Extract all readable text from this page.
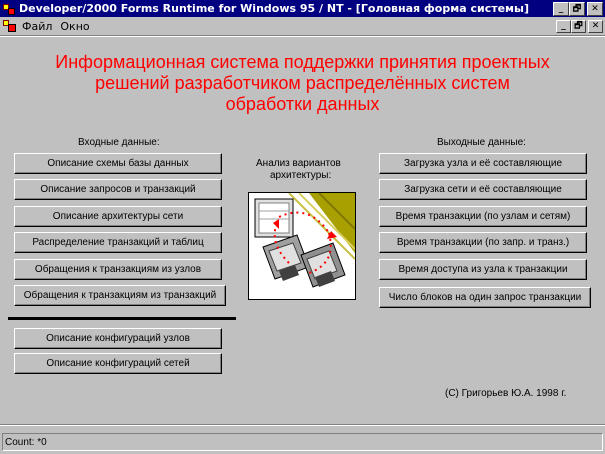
Developer/2000 Forms Runtime for Windows 95 / NT - [Головная форма системы]	_	🗗	✕
Файл Окно	_ 🗗	✕
Информационная система поддержки принятия проектных
решений разработчиком распределённых систем
обработки данных
Входные данные:
Описание схемы базы данных
Описание запросов и транзакций
Описание архитектуры сети
Распределение транзакций и таблиц
Обращения к транзакциям из узлов
Обращения к транзакциям из транзакций
Описание конфигураций узлов
Описание конфигураций сетей
Анализ вариантов
архитектуры:
Выходные данные:
Загрузка узла и её составляющие
Загрузка сети и её составляющие
Время транзакции (по узлам и сетям)
Время транзакции (по запр. и транз.)
Время доступа из узла к транзакции
Число блоков на один запрос транзакции
(C) Григорьев Ю.А. 1998 г.
Count: *0
